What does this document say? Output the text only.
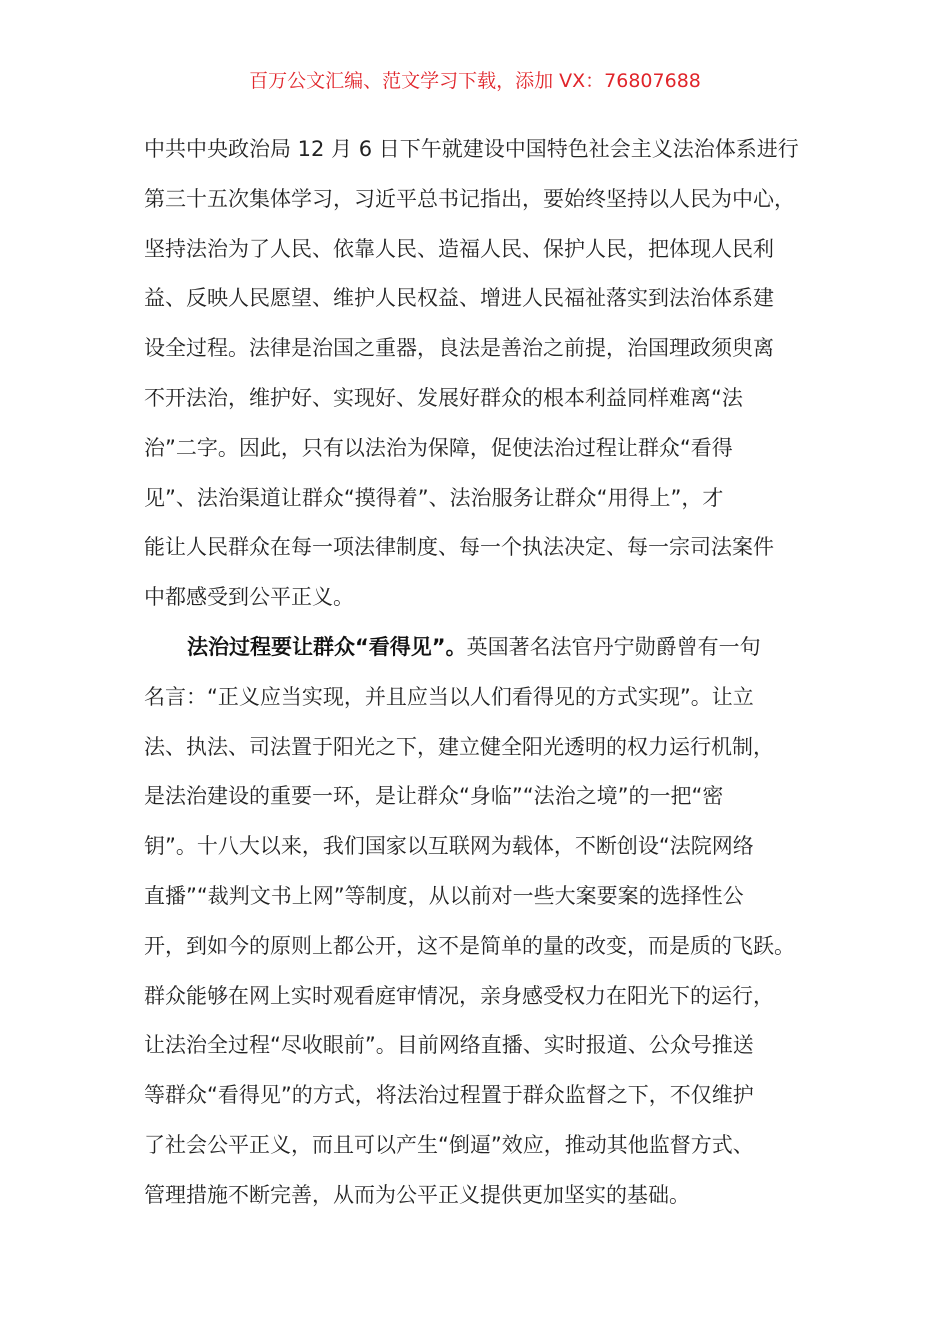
百万公文汇编、范文学习下载，添加 VX：76807688
中共中央政治局 12 月 6 日下午就建设中国特色社会主义法治体系进行
第三十五次集体学习，习近平总书记指出，要始终坚持以人民为中心，
坚持法治为了人民、依靠人民、造福人民、保护人民，把体现人民利
益、反映人民愿望、维护人民权益、增进人民福祉落实到法治体系建
设全过程。法律是治国之重器，良法是善治之前提，治国理政须臾离
不开法治，维护好、实现好、发展好群众的根本利益同样难离“法
治”二字。因此，只有以法治为保障，促使法治过程让群众“看得
见”、法治渠道让群众“摸得着”、法治服务让群众“用得上”，才
能让人民群众在每一项法律制度、每一个执法决定、每一宗司法案件
中都感受到公平正义。
法治过程要让群众“看得见”。英国著名法官丹宁勋爵曾有一句
名言：“正义应当实现，并且应当以人们看得见的方式实现”。让立
法、执法、司法置于阳光之下，建立健全阳光透明的权力运行机制，
是法治建设的重要一环，是让群众“身临”“法治之境”的一把“密
钥”。十八大以来，我们国家以互联网为载体，不断创设“法院网络
直播”“裁判文书上网”等制度，从以前对一些大案要案的选择性公
开，到如今的原则上都公开，这不是简单的量的改变，而是质的飞跃。
群众能够在网上实时观看庭审情况，亲身感受权力在阳光下的运行，
让法治全过程“尽收眼前”。目前网络直播、实时报道、公众号推送
等群众“看得见”的方式，将法治过程置于群众监督之下，不仅维护
了社会公平正义，而且可以产生“倒逼”效应，推动其他监督方式、
管理措施不断完善，从而为公平正义提供更加坚实的基础。
